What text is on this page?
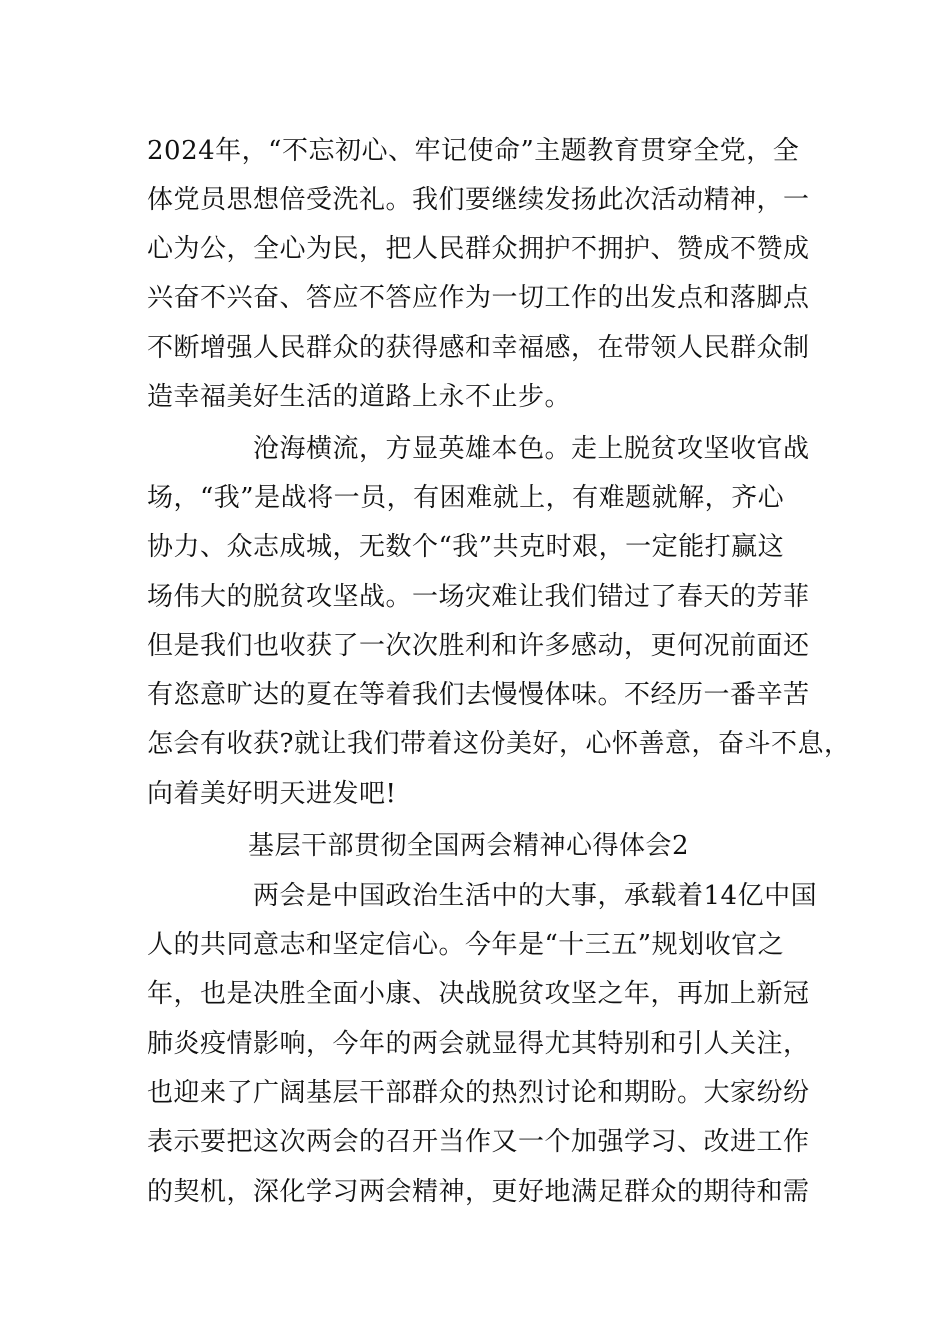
2024年，“不忘初心、牢记使命”主题教育贯穿全党，全
体党员思想倍受洗礼。我们要继续发扬此次活动精神，一
心为公，全心为民，把人民群众拥护不拥护、赞成不赞成
兴奋不兴奋、答应不答应作为一切工作的出发点和落脚点
不断增强人民群众的获得感和幸福感，在带领人民群众制
造幸福美好生活的道路上永不止步。
沧海横流，方显英雄本色。走上脱贫攻坚收官战
场，“我”是战将一员，有困难就上，有难题就解，齐心
协力、众志成城，无数个“我”共克时艰，一定能打赢这
场伟大的脱贫攻坚战。一场灾难让我们错过了春天的芳菲
但是我们也收获了一次次胜利和许多感动，更何况前面还
有恣意旷达的夏在等着我们去慢慢体味。不经历一番辛苦
怎会有收获?就让我们带着这份美好，心怀善意，奋斗不息，
向着美好明天进发吧!
基层干部贯彻全国两会精神心得体会2
两会是中国政治生活中的大事，承载着14亿中国
人的共同意志和坚定信心。今年是“十三五”规划收官之
年，也是决胜全面小康、决战脱贫攻坚之年，再加上新冠
肺炎疫情影响，今年的两会就显得尤其特别和引人关注，
也迎来了广阔基层干部群众的热烈讨论和期盼。大家纷纷
表示要把这次两会的召开当作又一个加强学习、改进工作
的契机，深化学习两会精神，更好地满足群众的期待和需
